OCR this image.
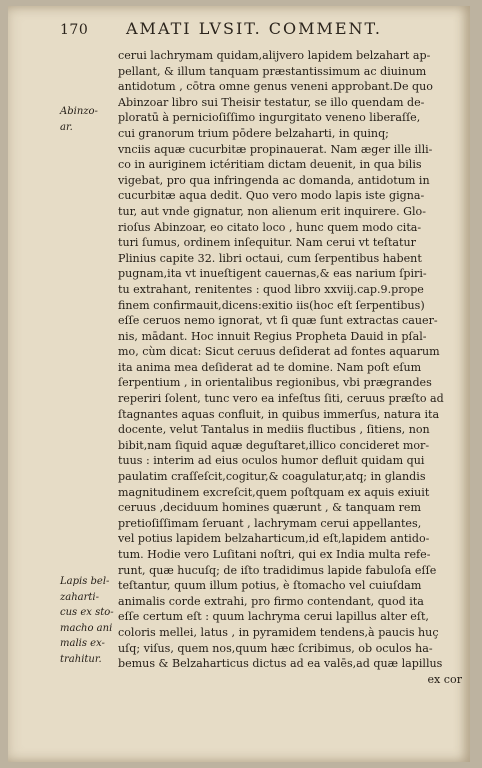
170 AMATI LVSIT. COMMENT.
Abinzo-
ar.
Lapis bel-
zaharti-
cus ex sto-
macho ani
malis ex-
trahitur.
cerui lachrymam quidam,alijvero lapidem belzahart ap-
pellant, & illum tanquam præstantissimum ac diuinum
antidotum , cōtra omne genus veneni approbant.De quo
Abinzoar libro sui Theisir testatur, se illo quendam de-
ploratū à pernicioſiſſimo ingurgitato veneno liberaſſe,
cui granorum trium pōdere belzaharti, in quinq;
vnciis aquæ cucurbitæ propinauerat. Nam æger ille illi-
co in auriginem ictéritiam dictam deuenit, in qua bilis
vigebat, pro qua infringenda ac domanda, antidotum in
cucurbitæ aqua dedit. Quo vero modo lapis iste gigna-
tur, aut vnde gignatur, non alienum erit inquirere. Glo-
rioſus Abinzoar, eo citato loco , hunc quem modo cita-
turi ſumus, ordinem inſequitur. Nam cerui vt teſtatur
Plinius capite 32. libri octaui, cum ſerpentibus habent
pugnam,ita vt inueſtigent cauernas,& eas narium ſpiri-
tu extrahant, renitentes : quod libro xxviij.cap.9.prope
finem confirmauit,dicens:exitio iis(hoc eſt ſerpentibus)
eſſe ceruos nemo ignorat, vt ſi quæ ſunt extractas cauer-
nis, mādant. Hoc innuit Regius Propheta Dauid in pſal-
mo, cùm dicat: Sicut ceruus deſiderat ad fontes aquarum
ita anima mea deſiderat ad te domine. Nam poſt eſum
ſerpentium , in orientalibus regionibus, vbi prægrandes
reperiri ſolent, tunc vero ea infeſtus ſiti, ceruus præſto ad
ſtagnantes aquas confluit, in quibus immerſus, natura ita
docente, velut Tantalus in mediis fluctibus , ſitiens, non
bibit,nam ſiquid aquæ deguſtaret,illico concideret mor-
tuus : interim ad eius oculos humor defluit quidam qui
paulatim craſſeſcit,cogitur,& coagulatur,atq; in glandis
magnitudinem excreſcit,quem poſtquam ex aquis exiuit
ceruus ,deciduum homines quærunt , & tanquam rem
pretioſiſſimam ſeruant , lachrymam cerui appellantes,
vel potius lapidem belzaharticum,id eſt,lapidem antido-
tum. Hodie vero Luſitani noſtri, qui ex India multa refe-
runt, quæ hucuſq; de iſto tradidimus lapide fabuloſa eſſe
teſtantur, quum illum potius, è ſtomacho vel cuiuſdam
animalis corde extrahi, pro firmo contendant, quod ita
eſſe certum eſt : quum lachryma cerui lapillus alter eſt,
coloris mellei, latus , in pyramidem tendens,à paucis huç
uſq; viſus, quem nos,quum hæc ſcribimus, ob oculos ha-
bemus & Belzaharticus dictus ad ea valēs,ad quæ lapillus
ex cor
